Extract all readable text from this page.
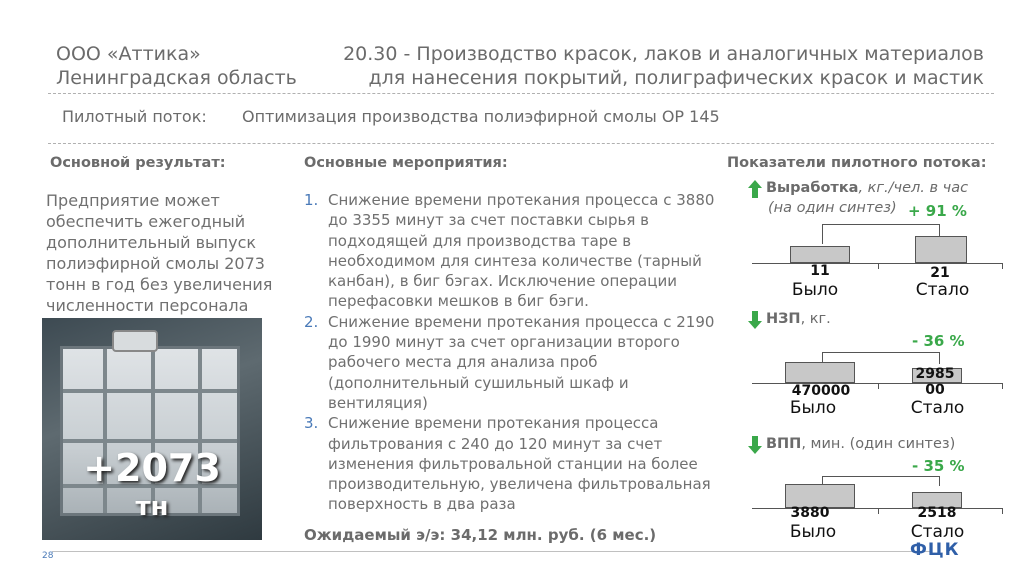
ООО «Аттика»
Ленинградская область
20.30 - Производство красок, лаков и аналогичных материалов
для нанесения покрытий, полиграфических красок и мастик
Пилотный поток: Оптимизация производства полиэфирной смолы ОР 145
Основной результат:
Предприятие может обеспечить ежегодный дополнительный выпуск полиэфирной смолы 2073 тонн в год без увеличения численности персонала
+2073
тн
Основные мероприятия:
1. Снижение времени протекания процесса с 3880 до 3355 минут за счет поставки сырья в подходящей для производства таре в необходимом для синтеза количестве (тарный канбан), в биг бэгах. Исключение операции перефасовки мешков в биг бэги.
2. Снижение времени протекания процесса с 2190 до 1990 минут за счет организации второго рабочего места для анализа проб (дополнительный сушильный шкаф и вентиляция)
3. Снижение времени протекания процесса фильтрования с 240 до 120 минут за счет изменения фильтровальной станции на более производительную, увеличена фильтровальная поверхность в два раза
Ожидаемый э/э: 34,12 млн. руб. (6 мес.)
Показатели пилотного потока:
Выработка, кг./чел. в час
(на один синтез) + 91 %
11	21
Было	Стало
НЗП, кг.
- 36 %
470000
2985
00
Было	Стало
ВПП, мин. (один синтез)
- 35 %
3880	2518
Было	Стало
28	ФЦК
